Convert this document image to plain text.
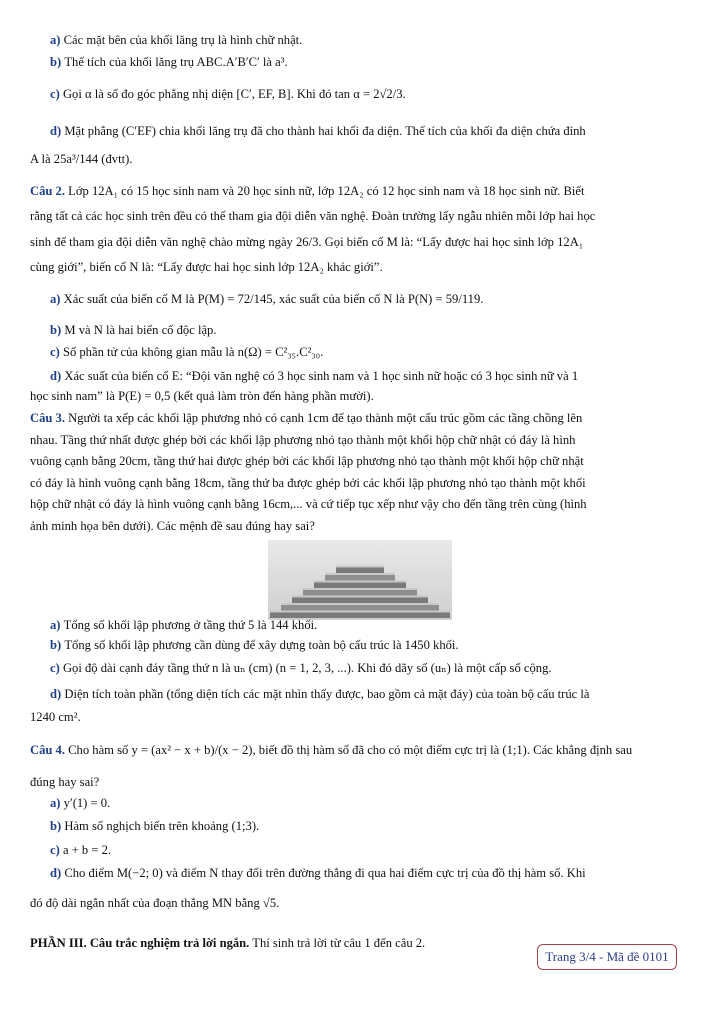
a) Các mặt bên của khối lăng trụ là hình chữ nhật.
b) Thể tích của khối lăng trụ ABC.A′B′C′ là a³.
c) Gọi α là số đo góc phẳng nhị diện [C′, EF, B]. Khi đó tan α = 2√2/3.
d) Mặt phẳng (C′EF) chia khối lăng trụ đã cho thành hai khối đa diện. Thể tích của khối đa diện chứa đỉnh
A là 25a³/144 (đvtt).
Câu 2. Lớp 12A₁ có 15 học sinh nam và 20 học sinh nữ, lớp 12A₂ có 12 học sinh nam và 18 học sinh nữ. Biết
rằng tất cả các học sinh trên đều có thể tham gia đội diễn văn nghệ. Đoàn trường lấy ngẫu nhiên mỗi lớp hai học
sinh để tham gia đội diễn văn nghệ chào mừng ngày 26/3. Gọi biến cố M là: “Lấy được hai học sinh lớp 12A₁
cùng giới”, biến cố N là: “Lấy được hai học sinh lớp 12A₂ khác giới”.
a) Xác suất của biến cố M là P(M) = 72/145, xác suất của biến cố N là P(N) = 59/119.
b) M và N là hai biến cố độc lập.
c) Số phần tử của không gian mẫu là n(Ω) = C²₃₅.C²₃₀.
d) Xác suất của biến cố E: “Đội văn nghệ có 3 học sinh nam và 1 học sinh nữ hoặc có 3 học sinh nữ và 1
học sinh nam” là P(E) = 0,5 (kết quả làm tròn đến hàng phần mười).
Câu 3. Người ta xếp các khối lập phương nhỏ có cạnh 1cm để tạo thành một cấu trúc gồm các tầng chồng lên
nhau. Tầng thứ nhất được ghép bởi các khối lập phương nhỏ tạo thành một khối hộp chữ nhật có đáy là hình
vuông cạnh bằng 20cm, tầng thứ hai được ghép bởi các khối lập phương nhỏ tạo thành một khối hộp chữ nhật
có đáy là hình vuông cạnh bằng 18cm, tầng thứ ba được ghép bởi các khối lập phương nhỏ tạo thành một khối
hộp chữ nhật có đáy là hình vuông cạnh bằng 16cm,... và cứ tiếp tục xếp như vậy cho đến tầng trên cùng (hình
ảnh minh họa bên dưới). Các mệnh đề sau đúng hay sai?
a) Tổng số khối lập phương ở tầng thứ 5 là 144 khối.
b) Tổng số khối lập phương cần dùng để xây dựng toàn bộ cấu trúc là 1450 khối.
c) Gọi độ dài cạnh đáy tầng thứ n là uₙ (cm) (n = 1, 2, 3, ...). Khi đó dãy số (uₙ) là một cấp số cộng.
d) Diện tích toàn phần (tổng diện tích các mặt nhìn thấy được, bao gồm cả mặt đáy) của toàn bộ cấu trúc là
1240 cm².
Câu 4. Cho hàm số y = (ax² − x + b)/(x − 2), biết đồ thị hàm số đã cho có một điểm cực trị là (1;1). Các khẳng định sau
đúng hay sai?
a) y′(1) = 0.
b) Hàm số nghịch biến trên khoảng (1;3).
c) a + b = 2.
d) Cho điểm M(−2; 0) và điểm N thay đổi trên đường thẳng đi qua hai điểm cực trị của đồ thị hàm số. Khi
đó độ dài ngắn nhất của đoạn thẳng MN bằng √5.
PHẦN III. Câu trắc nghiệm trả lời ngắn. Thí sinh trả lời từ câu 1 đến câu 2.
Trang 3/4 - Mã đề 0101
